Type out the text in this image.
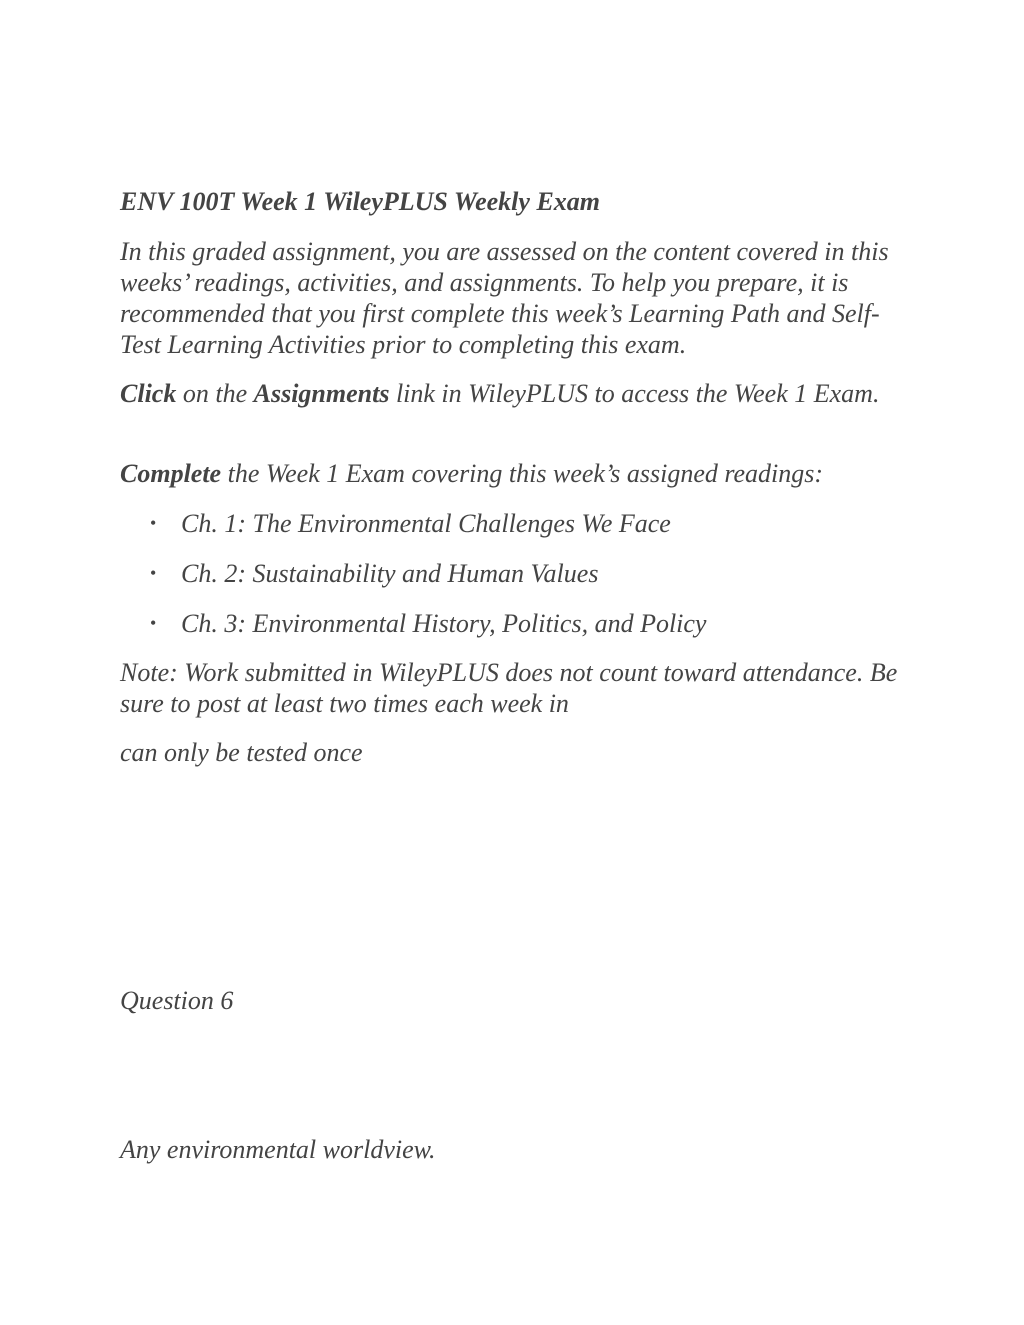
ENV 100T Week 1 WileyPLUS Weekly Exam

In this graded assignment, you are assessed on the content covered in this weeks’ readings, activities, and assignments. To help you prepare, it is recommended that you first complete this week’s Learning Path and Self-Test Learning Activities prior to completing this exam.

Click on the Assignments link in WileyPLUS to access the Week 1 Exam.

Complete the Week 1 Exam covering this week’s assigned readings:

• Ch. 1: The Environmental Challenges We Face
• Ch. 2: Sustainability and Human Values
• Ch. 3: Environmental History, Politics, and Policy

Note: Work submitted in WileyPLUS does not count toward attendance. Be sure to post at least two times each week in

can only be tested once

Question 6

Any environmental worldview.
